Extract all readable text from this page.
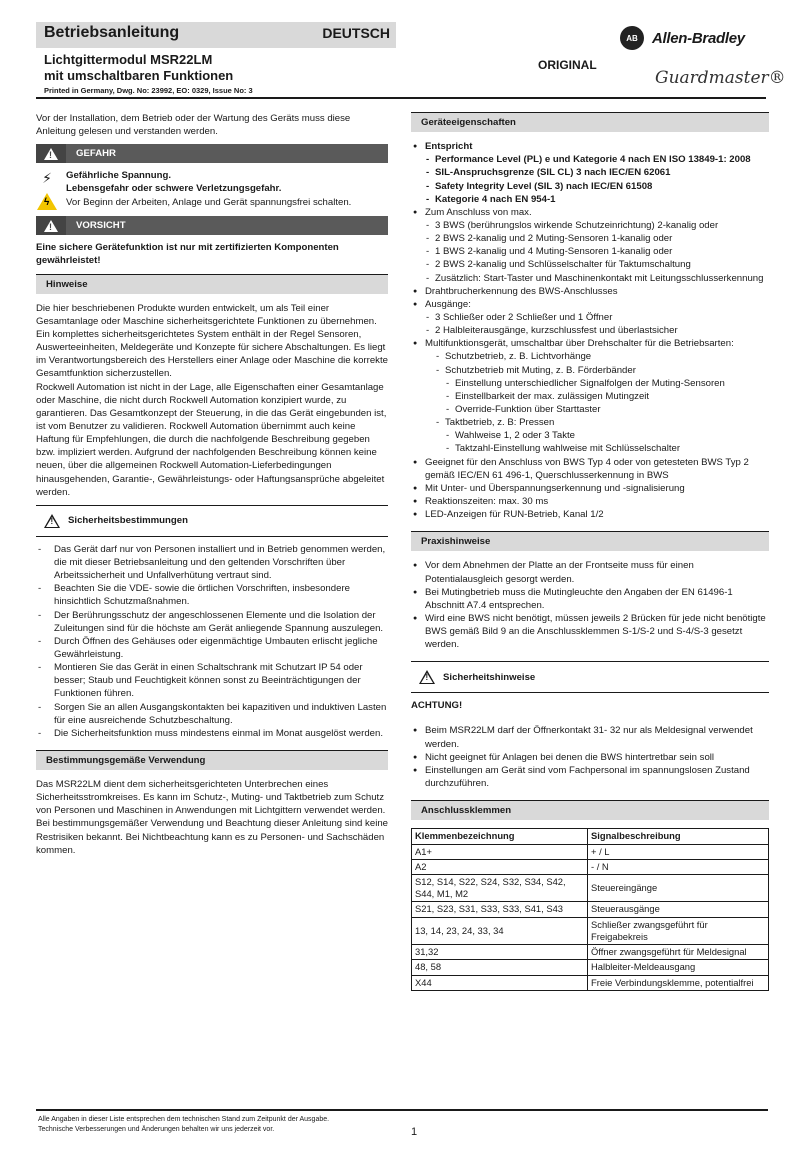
Betriebsanleitung	DEUTSCH
Lichtgittermodul MSR22LM
mit umschaltbaren Funktionen
Printed in Germany, Dwg. No: 23992, EO: 0329, Issue No: 3
ORIGINAL
AB Allen-Bradley
Guardmaster®
Vor der Installation, dem Betrieb oder der Wartung des Geräts muss diese Anleitung gelesen und verstanden werden.
!
GEFAHR
⚡
ϟ	Gefährliche Spannung.
Lebensgefahr oder schwere Verletzungsgefahr.
Vor Beginn der Arbeiten, Anlage und Gerät spannungsfrei schalten.
!
VORSICHT
Eine sichere Gerätefunktion ist nur mit zertifizierten Komponenten gewährleistet!
Hinweise
Die hier beschriebenen Produkte wurden entwickelt, um als Teil einer Gesamtanlage oder Maschine sicherheitsgerichtete Funktionen zu übernehmen. Ein komplettes sicherheitsgerichtetes System enthält in der Regel Sensoren, Auswerteeinheiten, Meldegeräte und Konzepte für sichere Abschaltungen. Es liegt im Verantwortungsbereich des Herstellers einer Anlage oder Maschine die korrekte Gesamtfunktion sicherzustellen.
Rockwell Automation ist nicht in der Lage, alle Eigenschaften einer Gesamtanlage oder Maschine, die nicht durch Rockwell Automation konzipiert wurde, zu garantieren. Das Gesamtkonzept der Steuerung, in die das Gerät eingebunden ist, ist vom Benutzer zu validieren. Rockwell Automation übernimmt auch keine Haftung für Empfehlungen, die durch die nachfolgende Beschreibung gegeben bzw. impliziert werden. Aufgrund der nachfolgenden Beschreibung können keine neuen, über die allgemeinen Rockwell Automation-Lieferbedingungen hinausgehenden, Garantie-, Gewährleistungs- oder Haftungsansprüche abgeleitet werden.
!
Sicherheitsbestimmungen
- Das Gerät darf nur von Personen installiert und in Betrieb genommen werden, die mit dieser Betriebsanleitung und den geltenden Vorschriften über Arbeitssicherheit und Unfallverhütung vertraut sind.
- Beachten Sie die VDE- sowie die örtlichen Vorschriften, insbesondere hinsichtlich Schutzmaßnahmen.
- Der Berührungsschutz der angeschlossenen Elemente und die Isolation der Zuleitungen sind für die höchste am Gerät anliegende Spannung auszulegen.
- Durch Öffnen des Gehäuses oder eigenmächtige Umbauten erlischt jegliche Gewährleistung.
- Montieren Sie das Gerät in einen Schaltschrank mit Schutzart IP 54 oder besser; Staub und Feuchtigkeit können sonst zu Beeinträchtigungen der Funktionen führen.
- Sorgen Sie an allen Ausgangskontakten bei kapazitiven und induktiven Lasten für eine ausreichende Schutzbeschaltung.
- Die Sicherheitsfunktion muss mindestens einmal im Monat ausgelöst werden.
Bestimmungsgemäße Verwendung
Das MSR22LM dient dem sicherheitsgerichteten Unterbrechen eines Sicherheitsstromkreises. Es kann im Schutz-, Muting- und Taktbetrieb zum Schutz von Personen und Maschinen in Anwendungen mit Lichtgittern verwendet werden.
Bei bestimmungsgemäßer Verwendung und Beachtung dieser Anleitung sind keine Restrisiken bekannt. Bei Nichtbeachtung kann es zu Personen- und Sachschäden kommen.
Geräteeigenschaften
● Entspricht
- Performance Level (PL) e und Kategorie 4 nach EN ISO 13849-1: 2008
- SIL-Anspruchsgrenze (SIL CL) 3 nach IEC/EN 62061
- Safety Integrity Level (SIL 3) nach IEC/EN 61508
- Kategorie 4 nach EN 954-1
● Zum Anschluss von max.
- 3 BWS (berührungslos wirkende Schutzeinrichtung) 2-kanalig oder
- 2 BWS 2-kanalig und 2 Muting-Sensoren 1-kanalig oder
- 1 BWS 2-kanalig und 4 Muting-Sensoren 1-kanalig oder
- 2 BWS 2-kanalig und Schlüsselschalter für Taktumschaltung
- Zusätzlich: Start-Taster und Maschinenkontakt mit Leitungsschlusserkennung
● Drahtbrucherkennung des BWS-Anschlusses
● Ausgänge:
- 3 Schließer oder 2 Schließer und 1 Öffner
- 2 Halbleiterausgänge, kurzschlussfest und überlastsicher
● Multifunktionsgerät, umschaltbar über Drehschalter für die Betriebsarten:
- Schutzbetrieb, z. B. Lichtvorhänge
- Schutzbetrieb mit Muting, z. B. Förderbänder
- Einstellung unterschiedlicher Signalfolgen der Muting-Sensoren
- Einstellbarkeit der max. zulässigen Mutingzeit
- Override-Funktion über Starttaster
- Taktbetrieb, z. B: Pressen
- Wahlweise 1, 2 oder 3 Takte
- Taktzahl-Einstellung wahlweise mit Schlüsselschalter
● Geeignet für den Anschluss von BWS Typ 4 oder von getesteten BWS Typ 2 gemäß IEC/EN 61 496-1, Querschlusserkennung in BWS
● Mit Unter- und Überspannungserkennung und -signalisierung
● Reaktionszeiten: max. 30 ms
● LED-Anzeigen für RUN-Betrieb, Kanal 1/2
Praxishinweise
● Vor dem Abnehmen der Platte an der Frontseite muss für einen Potentialausgleich gesorgt werden.
● Bei Mutingbetrieb muss die Mutingleuchte den Angaben der EN 61496-1 Abschnitt A7.4 entsprechen.
● Wird eine BWS nicht benötigt, müssen jeweils 2 Brücken für jede nicht benötigte BWS gemäß Bild 9 an die Anschlussklemmen S-1/S-2 und S-4/S-3 gesetzt werden.
!
Sicherheitshinweise
ACHTUNG!
● Beim MSR22LM darf der Öffnerkontakt 31- 32 nur als Meldesignal verwendet werden.
● Nicht geeignet für Anlagen bei denen die BWS hintertretbar sein soll
● Einstellungen am Gerät sind vom Fachpersonal im spannungslosen Zustand durchzuführen.
Anschlussklemmen
Klemmenbezeichnung	Signalbeschreibung
A1+	+ / L
A2	- / N
S12, S14, S22, S24, S32, S34, S42, S44, M1, M2	Steuereingänge
S21, S23, S31, S33, S33, S41, S43	Steuerausgänge
13, 14, 23, 24, 33, 34	Schließer zwangsgeführt für Freigabekreis
31,32	Öffner zwangsgeführt für Meldesignal
48, 58	Halbleiter-Meldeausgang
X44	Freie Verbindungsklemme, potentialfrei
Alle Angaben in dieser Liste entsprechen dem technischen Stand zum Zeitpunkt der Ausgabe.
Technische Verbesserungen und Änderungen behalten wir uns jederzeit vor.	1
